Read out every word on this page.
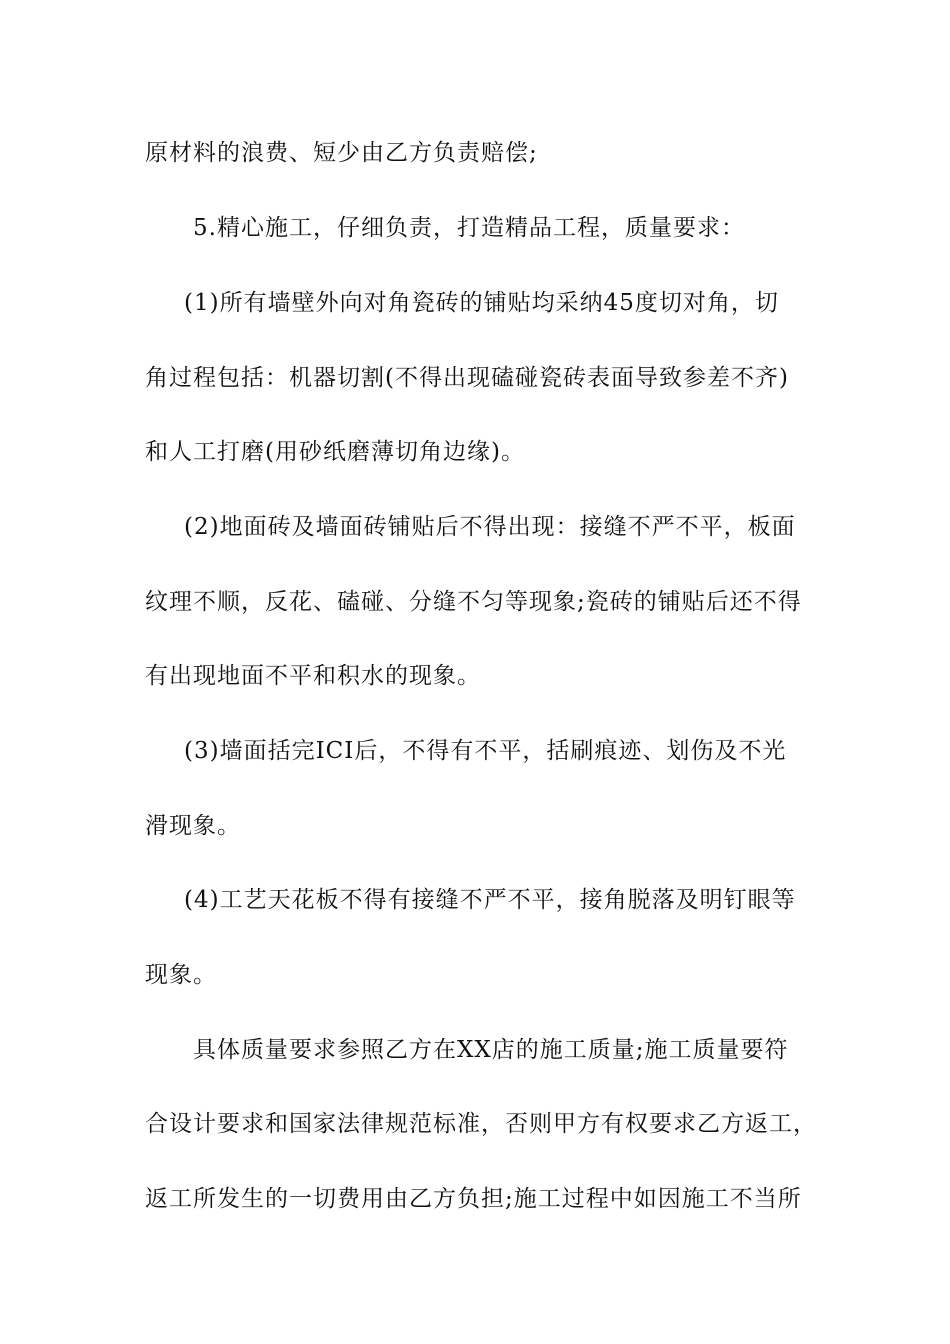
原材料的浪费、短少由乙方负责赔偿;
5.精心施工，仔细负责，打造精品工程，质量要求：
(1)所有墙壁外向对角瓷砖的铺贴均采纳45度切对角，切
角过程包括：机器切割(不得出现磕碰瓷砖表面导致参差不齐)
和人工打磨(用砂纸磨薄切角边缘)。
(2)地面砖及墙面砖铺贴后不得出现：接缝不严不平，板面
纹理不顺，反花、磕碰、分缝不匀等现象;瓷砖的铺贴后还不得
有出现地面不平和积水的现象。
(3)墙面括完ICI后，不得有不平，括刷痕迹、划伤及不光
滑现象。
(4)工艺天花板不得有接缝不严不平，接角脱落及明钉眼等
现象。
具体质量要求参照乙方在XX店的施工质量;施工质量要符
合设计要求和国家法律规范标准，否则甲方有权要求乙方返工，
返工所发生的一切费用由乙方负担;施工过程中如因施工不当所
